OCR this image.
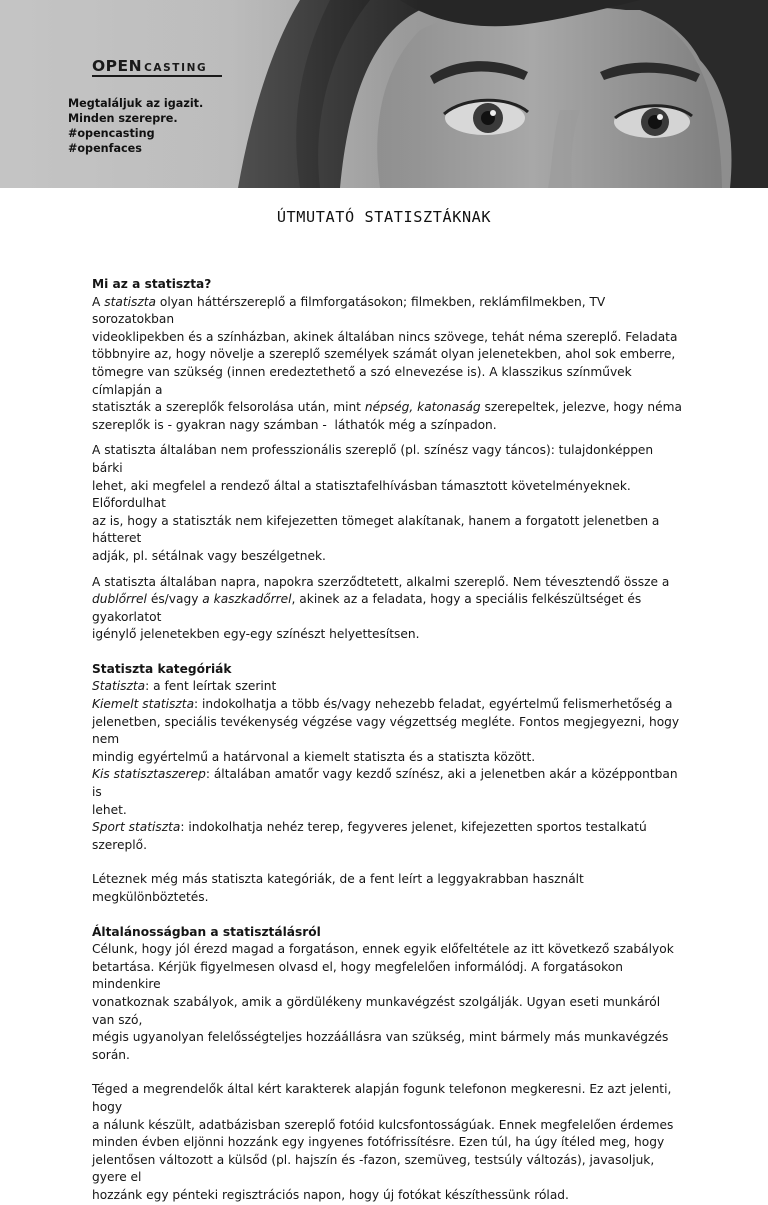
OPEN CASTING
Megtaláljuk az igazit.
Minden szerepre.
#opencasting
#openfaces
ÚTMUTATÓ STATISZTÁKNAK

Mi az a statiszta?

A statiszta olyan háttérszereplő a filmforgatásokon; filmekben, reklámfilmekben, TV sorozatokban
videoklipekben és a színházban, akinek általában nincs szövege, tehát néma szereplő. Feladata
többnyire az, hogy növelje a szereplő személyek számát olyan jelenetekben, ahol sok emberre,
tömegre van szükség (innen eredeztethető a szó elnevezése is). A klasszikus színművek címlapján a
statiszták a szereplők felsorolása után, mint népség, katonaság szerepeltek, jelezve, hogy néma
szereplők is - gyakran nagy számban -  láthatók még a színpadon.

A statiszta általában nem professzionális szereplő (pl. színész vagy táncos): tulajdonképpen bárki
lehet, aki megfelel a rendező által a statisztafelhívásban támasztott követelményeknek. Előfordulhat
az is, hogy a statiszták nem kifejezetten tömeget alakítanak, hanem a forgatott jelenetben a hátteret
adják, pl. sétálnak vagy beszélgetnek.

A statiszta általában napra, napokra szerződtetett, alkalmi szereplő. Nem tévesztendő össze a
dublőrrel és/vagy a kaszkadőrrel, akinek az a feladata, hogy a speciális felkészültséget és gyakorlatot
igénylő jelenetekben egy-egy színészt helyettesítsen.

Statiszta kategóriák

Statiszta: a fent leírtak szerint

Kiemelt statiszta: indokolhatja a több és/vagy nehezebb feladat, egyértelmű felismerhetőség a
jelenetben, speciális tevékenység végzése vagy végzettség megléte. Fontos megjegyezni, hogy nem
mindig egyértelmű a határvonal a kiemelt statiszta és a statiszta között.

Kis statisztaszerep: általában amatőr vagy kezdő színész, aki a jelenetben akár a középpontban is
lehet.

Sport statiszta: indokolhatja nehéz terep, fegyveres jelenet, kifejezetten sportos testalkatú szereplő.

Léteznek még más statiszta kategóriák, de a fent leírt a leggyakrabban használt megkülönböztetés.

Általánosságban a statisztálásról

Célunk, hogy jól érezd magad a forgatáson, ennek egyik előfeltétele az itt következő szabályok
betartása. Kérjük figyelmesen olvasd el, hogy megfelelően informálódj. A forgatásokon mindenkire
vonatkoznak szabályok, amik a gördülékeny munkavégzést szolgálják. Ugyan eseti munkáról van szó,
mégis ugyanolyan felelősségteljes hozzáállásra van szükség, mint bármely más munkavégzés során.

Téged a megrendelők által kért karakterek alapján fogunk telefonon megkeresni. Ez azt jelenti, hogy
a nálunk készült, adatbázisban szereplő fotóid kulcsfontosságúak. Ennek megfelelően érdemes
minden évben eljönni hozzánk egy ingyenes fotófrissítésre. Ezen túl, ha úgy ítéled meg, hogy
jelentősen változott a külsőd (pl. hajszín és -fazon, szemüveg, testsúly változás), javasoljuk, gyere el
hozzánk egy pénteki regisztrációs napon, hogy új fotókat készíthessünk rólad.
